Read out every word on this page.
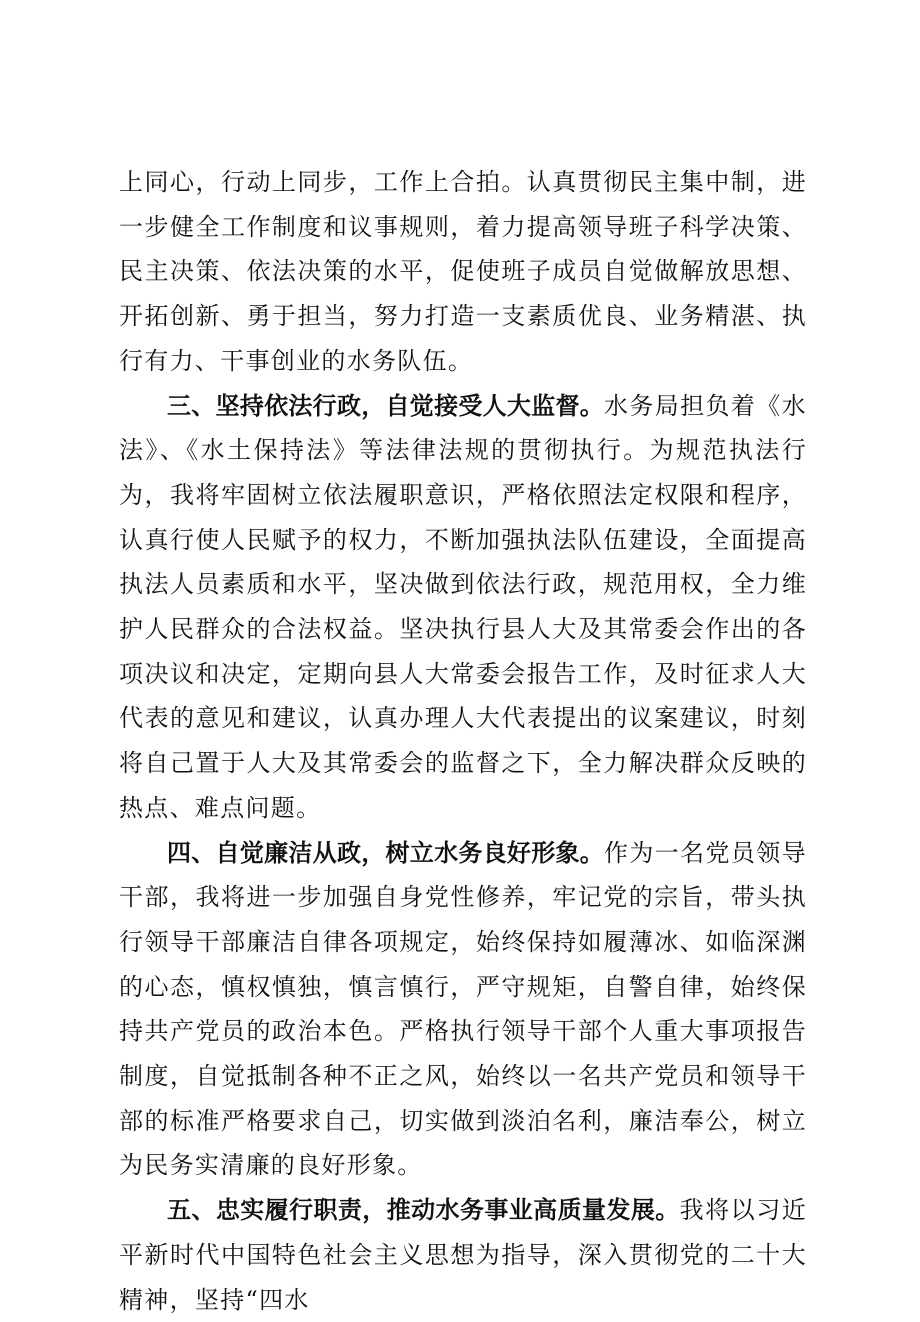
上同心，行动上同步，工作上合拍。认真贯彻民主集中制，进一步健全工作制度和议事规则，着力提高领导班子科学决策、民主决策、依法决策的水平，促使班子成员自觉做解放思想、开拓创新、勇于担当，努力打造一支素质优良、业务精湛、执行有力、干事创业的水务队伍。

三、坚持依法行政，自觉接受人大监督。水务局担负着《水法》、《水土保持法》等法律法规的贯彻执行。为规范执法行为，我将牢固树立依法履职意识，严格依照法定权限和程序，认真行使人民赋予的权力，不断加强执法队伍建设，全面提高执法人员素质和水平，坚决做到依法行政，规范用权，全力维护人民群众的合法权益。坚决执行县人大及其常委会作出的各项决议和决定，定期向县人大常委会报告工作，及时征求人大代表的意见和建议，认真办理人大代表提出的议案建议，时刻将自己置于人大及其常委会的监督之下，全力解决群众反映的热点、难点问题。

四、自觉廉洁从政，树立水务良好形象。作为一名党员领导干部，我将进一步加强自身党性修养，牢记党的宗旨，带头执行领导干部廉洁自律各项规定，始终保持如履薄冰、如临深渊的心态，慎权慎独，慎言慎行，严守规矩，自警自律，始终保持共产党员的政治本色。严格执行领导干部个人重大事项报告制度，自觉抵制各种不正之风，始终以一名共产党员和领导干部的标准严格要求自己，切实做到淡泊名利，廉洁奉公，树立为民务实清廉的良好形象。

五、忠实履行职责，推动水务事业高质量发展。我将以习近平新时代中国特色社会主义思想为指导，深入贯彻党的二十大精神，坚持“四水
